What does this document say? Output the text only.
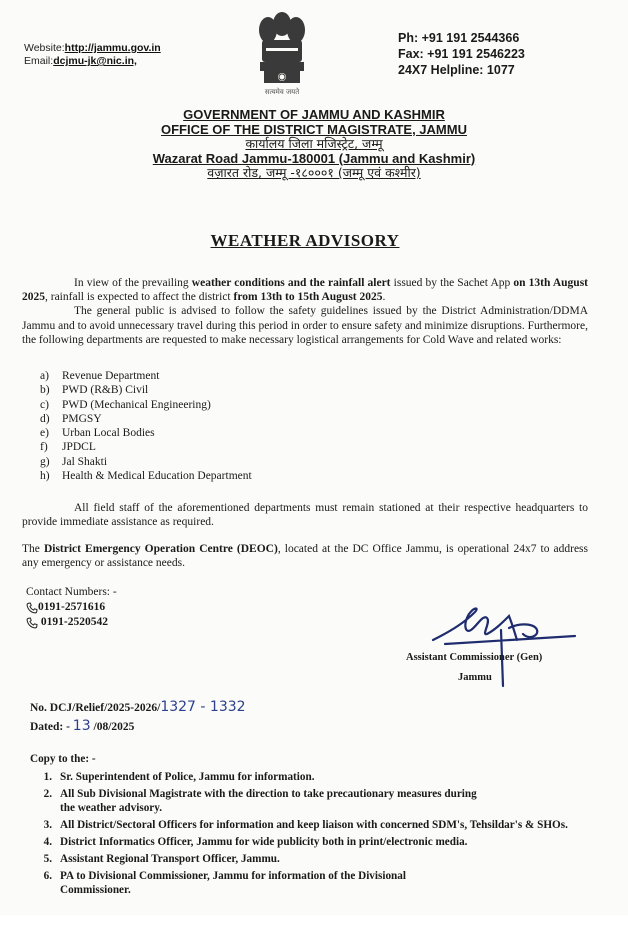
Website:http://jammu.gov.in
Email:dcjmu-jk@nic.in,
सत्यमेव जयते
Ph: +91 191 2544366
Fax: +91 191 2546223
24X7 Helpline: 1077
GOVERNMENT OF JAMMU AND KASHMIR
OFFICE OF THE DISTRICT MAGISTRATE, JAMMU
कार्यालय जिला मजिस्ट्रेट, जम्मू
Wazarat Road Jammu-180001 (Jammu and Kashmir)
वज़ारत रोड, जम्मू -१८०००१ (जम्मू एवं कश्मीर)
WEATHER ADVISORY
In view of the prevailing weather conditions and the rainfall alert issued by the Sachet App on 13th August 2025, rainfall is expected to affect the district from 13th to 15th August 2025.
The general public is advised to follow the safety guidelines issued by the District Administration/DDMA Jammu and to avoid unnecessary travel during this period in order to ensure safety and minimize disruptions. Furthermore, the following departments are requested to make necessary logistical arrangements for Cold Wave and related works:
a)	Revenue Department
b)	PWD (R&B) Civil
c)	PWD (Mechanical Engineering)
d)	PMGSY
e)	Urban Local Bodies
f)	JPDCL
g)	Jal Shakti
h)	Health & Medical Education Department
All field staff of the aforementioned departments must remain stationed at their respective headquarters to provide immediate assistance as required.
The District Emergency Operation Centre (DEOC), located at the DC Office Jammu, is operational 24x7 to address any emergency or assistance needs.
Contact Numbers: -
0191-2571616

0191-2520542
Assistant Commissioner (Gen)
Jammu
No. DCJ/Relief/2025-2026/1327 - 1332
Dated: - 13 /08/2025
Copy to the: -
1. Sr. Superintendent of Police, Jammu for information.
2. All Sub Divisional Magistrate with the direction to take precautionary measures during the weather advisory.
3. All District/Sectoral Officers for information and keep liaison with concerned SDM's, Tehsildar's & SHOs.
4. District Informatics Officer, Jammu for wide publicity both in print/electronic media.
5. Assistant Regional Transport Officer, Jammu.
6. PA to Divisional Commissioner, Jammu for information of the Divisional Commissioner.
